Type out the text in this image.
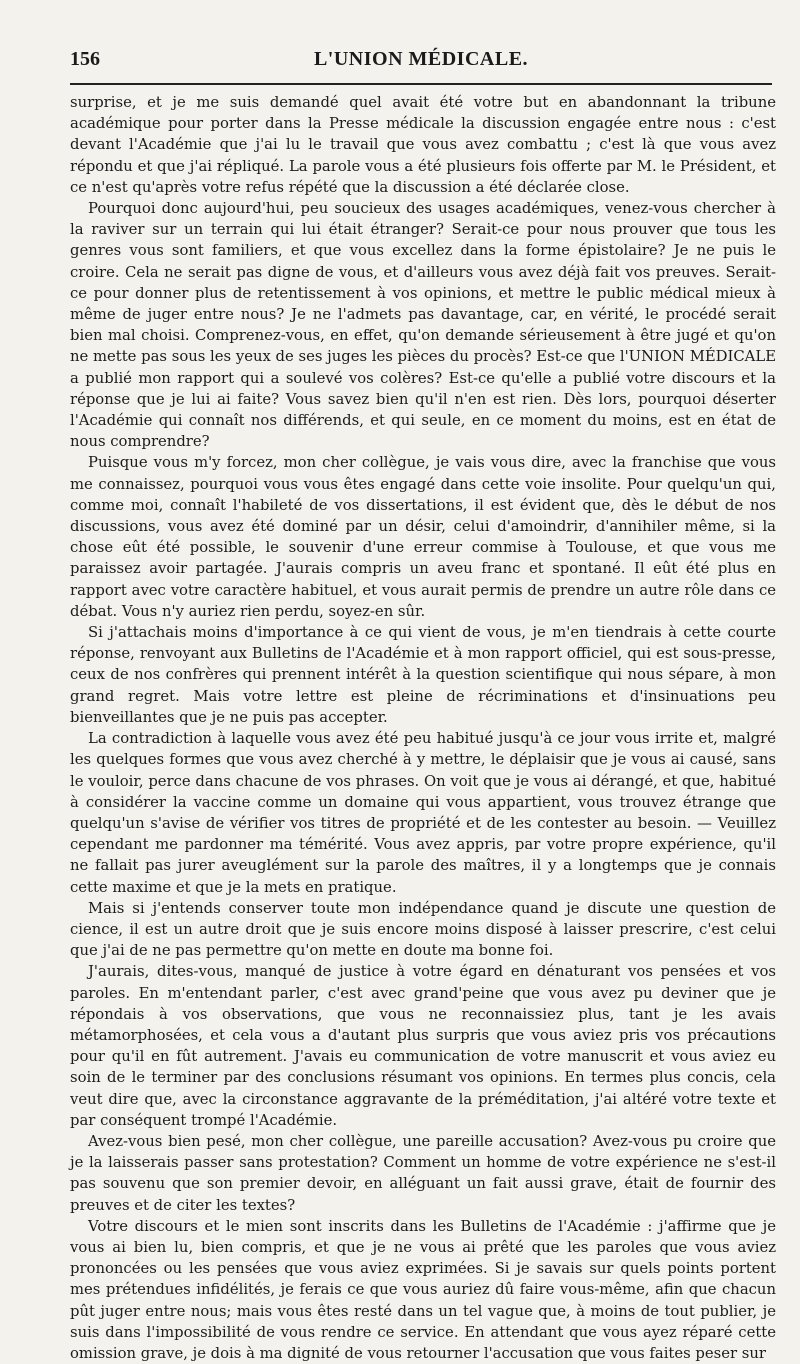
156	L'UNION MÉDICALE.

surprise, et je me suis demandé quel avait été votre but en abandonnant la tribune académique pour porter dans la Presse médicale la discussion engagée entre nous : c'est devant l'Académie que j'ai lu le travail que vous avez combattu ; c'est là que vous avez répondu et que j'ai répliqué. La parole vous a été plusieurs fois offerte par M. le Président, et ce n'est qu'après votre refus répété que la discussion a été déclarée close.

Pourquoi donc aujourd'hui, peu soucieux des usages académiques, venez-vous chercher à la raviver sur un terrain qui lui était étranger? Serait-ce pour nous prouver que tous les genres vous sont familiers, et que vous excellez dans la forme épistolaire? Je ne puis le croire. Cela ne serait pas digne de vous, et d'ailleurs vous avez déjà fait vos preuves. Serait-ce pour donner plus de retentissement à vos opinions, et mettre le public médical mieux à même de juger entre nous? Je ne l'admets pas davantage, car, en vérité, le procédé serait bien mal choisi. Comprenez-vous, en effet, qu'on demande sérieusement à être jugé et qu'on ne mette pas sous les yeux de ses juges les pièces du procès? Est-ce que l'UNION MÉDICALE a publié mon rapport qui a soulevé vos colères? Est-ce qu'elle a publié votre discours et la réponse que je lui ai faite? Vous savez bien qu'il n'en est rien. Dès lors, pourquoi déserter l'Académie qui connaît nos différends, et qui seule, en ce moment du moins, est en état de nous comprendre?

Puisque vous m'y forcez, mon cher collègue, je vais vous dire, avec la franchise que vous me connaissez, pourquoi vous vous êtes engagé dans cette voie insolite. Pour quelqu'un qui, comme moi, connaît l'habileté de vos dissertations, il est évident que, dès le début de nos discussions, vous avez été dominé par un désir, celui d'amoindrir, d'annihiler même, si la chose eût été possible, le souvenir d'une erreur commise à Toulouse, et que vous me paraissez avoir partagée. J'aurais compris un aveu franc et spontané. Il eût été plus en rapport avec votre caractère habituel, et vous aurait permis de prendre un autre rôle dans ce débat. Vous n'y auriez rien perdu, soyez-en sûr.

Si j'attachais moins d'importance à ce qui vient de vous, je m'en tiendrais à cette courte réponse, renvoyant aux Bulletins de l'Académie et à mon rapport officiel, qui est sous-presse, ceux de nos confrères qui prennent intérêt à la question scientifique qui nous sépare, à mon grand regret. Mais votre lettre est pleine de récriminations et d'insinuations peu bienveillantes que je ne puis pas accepter.

La contradiction à laquelle vous avez été peu habitué jusqu'à ce jour vous irrite et, malgré les quelques formes que vous avez cherché à y mettre, le déplaisir que je vous ai causé, sans le vouloir, perce dans chacune de vos phrases. On voit que je vous ai dérangé, et que, habitué à considérer la vaccine comme un domaine qui vous appartient, vous trouvez étrange que quelqu'un s'avise de vérifier vos titres de propriété et de les contester au besoin. — Veuillez cependant me pardonner ma témérité. Vous avez appris, par votre propre expérience, qu'il ne fallait pas jurer aveuglément sur la parole des maîtres, il y a longtemps que je connais cette maxime et que je la mets en pratique.

Mais si j'entends conserver toute mon indépendance quand je discute une question de cience, il est un autre droit que je suis encore moins disposé à laisser prescrire, c'est celui que j'ai de ne pas permettre qu'on mette en doute ma bonne foi.

J'aurais, dites-vous, manqué de justice à votre égard en dénaturant vos pensées et vos paroles. En m'entendant parler, c'est avec grand'peine que vous avez pu deviner que je répondais à vos observations, que vous ne reconnaissiez plus, tant je les avais métamorphosées, et cela vous a d'autant plus surpris que vous aviez pris vos précautions pour qu'il en fût autrement. J'avais eu communication de votre manuscrit et vous aviez eu soin de le terminer par des conclusions résumant vos opinions. En termes plus concis, cela veut dire que, avec la circonstance aggravante de la préméditation, j'ai altéré votre texte et par conséquent trompé l'Académie.

Avez-vous bien pesé, mon cher collègue, une pareille accusation? Avez-vous pu croire que je la laisserais passer sans protestation? Comment un homme de votre expérience ne s'est-il pas souvenu que son premier devoir, en alléguant un fait aussi grave, était de fournir des preuves et de citer les textes?

Votre discours et le mien sont inscrits dans les Bulletins de l'Académie : j'affirme que je vous ai bien lu, bien compris, et que je ne vous ai prêté que les paroles que vous aviez prononcées ou les pensées que vous aviez exprimées. Si je savais sur quels points portent mes prétendues infidélités, je ferais ce que vous auriez dû faire vous-même, afin que chacun pût juger entre nous; mais vous êtes resté dans un tel vague que, à moins de tout publier, je suis dans l'impossibilité de vous rendre ce service. En attendant que vous ayez réparé cette omission grave, je dois à ma dignité de vous retourner l'accusation que vous faites peser sur
